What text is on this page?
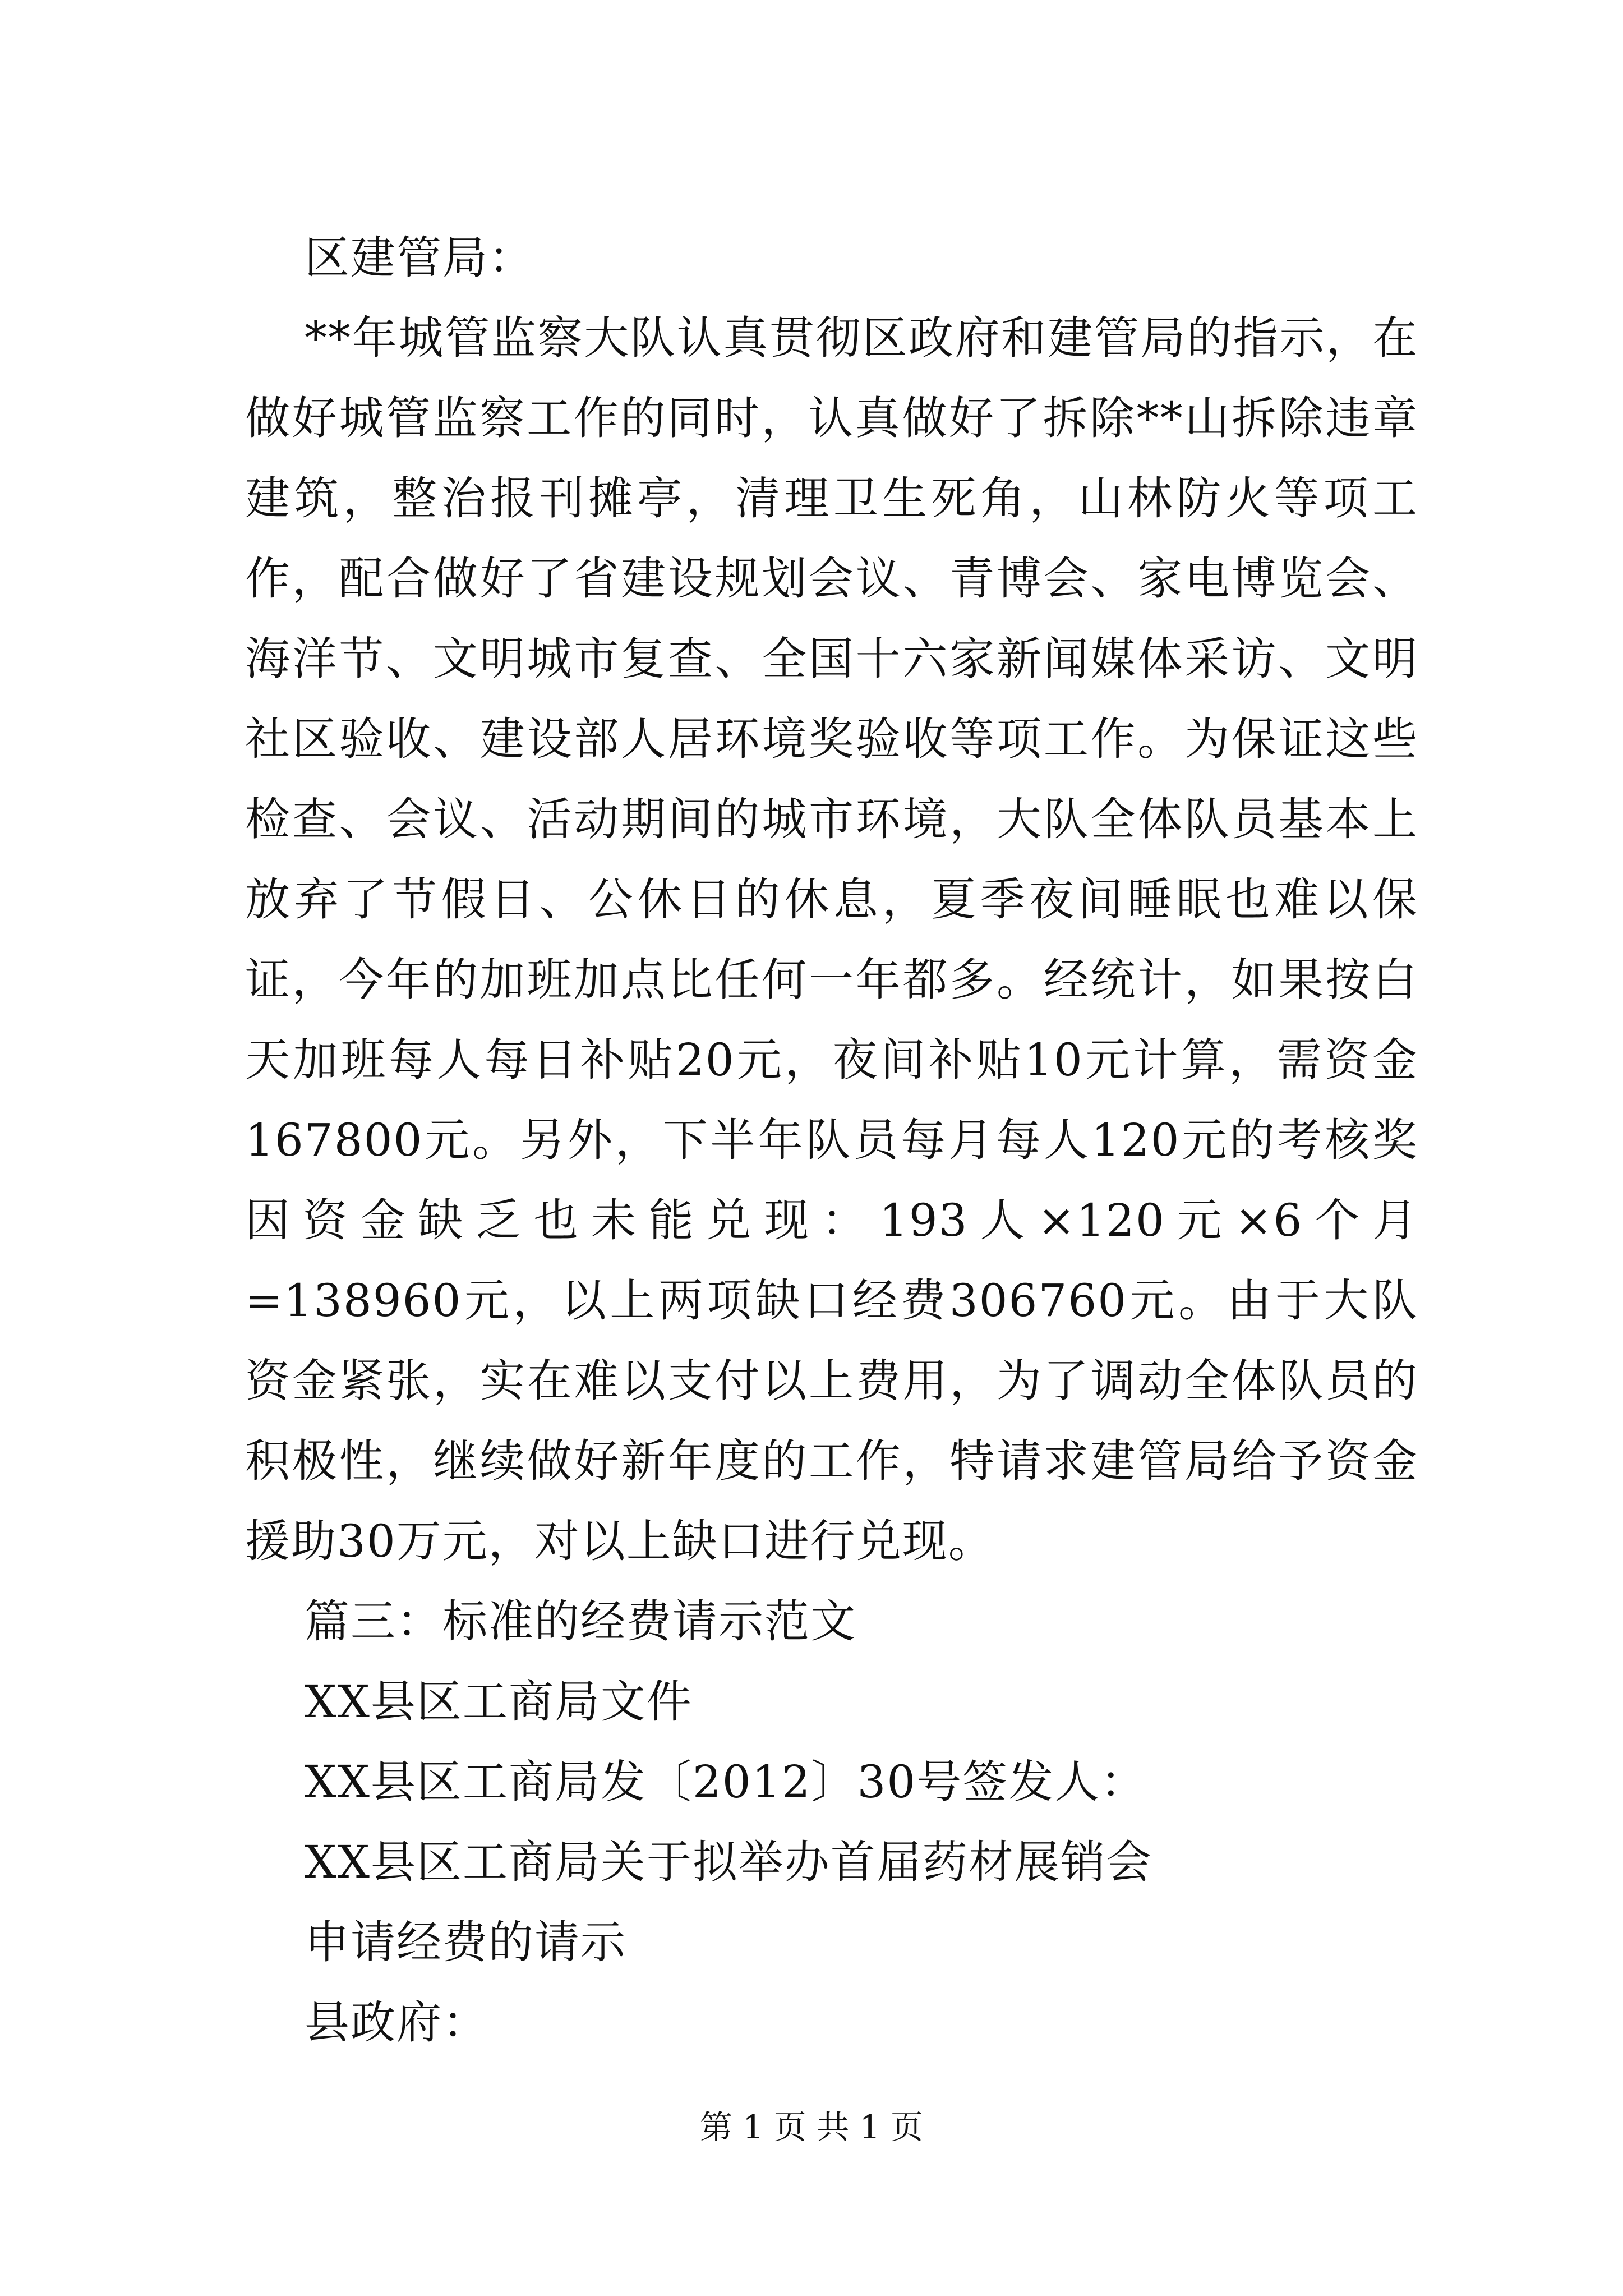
区建管局：

**年城管监察大队认真贯彻区政府和建管局的指示，在做好城管监察工作的同时，认真做好了拆除**山拆除违章建筑，整治报刊摊亭，清理卫生死角，山林防火等项工作，配合做好了省建设规划会议、青博会、家电博览会、海洋节、文明城市复查、全国十六家新闻媒体采访、文明社区验收、建设部人居环境奖验收等项工作。为保证这些检查、会议、活动期间的城市环境，大队全体队员基本上放弃了节假日、公休日的休息，夏季夜间睡眠也难以保证，今年的加班加点比任何一年都多。经统计，如果按白天加班每人每日补贴20元，夜间补贴10元计算，需资金167800元。另外，下半年队员每月每人120元的考核奖因资金缺乏也未能兑现：193人×120元×6个月=138960元，以上两项缺口经费306760元。由于大队资金紧张，实在难以支付以上费用，为了调动全体队员的积极性，继续做好新年度的工作，特请求建管局给予资金援助30万元，对以上缺口进行兑现。

篇三：标准的经费请示范文

XX县区工商局文件

XX县区工商局发〔2012〕30号签发人：

XX县区工商局关于拟举办首届药材展销会

申请经费的请示

县政府：

第 1 页 共 1 页
